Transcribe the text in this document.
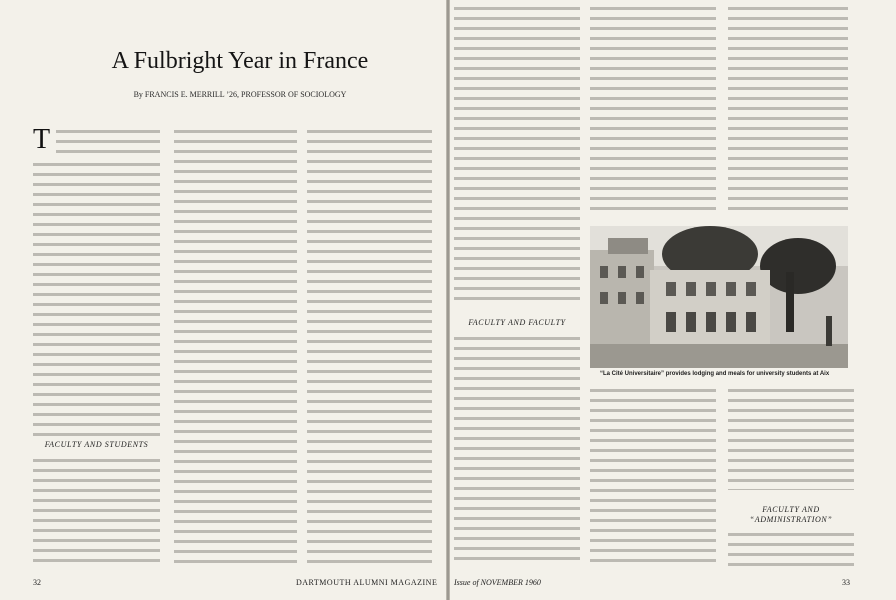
A Fulbright Year in France
By FRANCIS E. MERRILL ’26, PROFESSOR OF SOCIOLOGY
T
FACULTY AND STUDENTS
FACULTY AND FACULTY
“La Cité Universitaire” provides lodging and meals for university students at Aix
FACULTY AND
“ADMINISTRATION”
32	DARTMOUTH ALUMNI MAGAZINE Issue of NOVEMBER 1960	33
